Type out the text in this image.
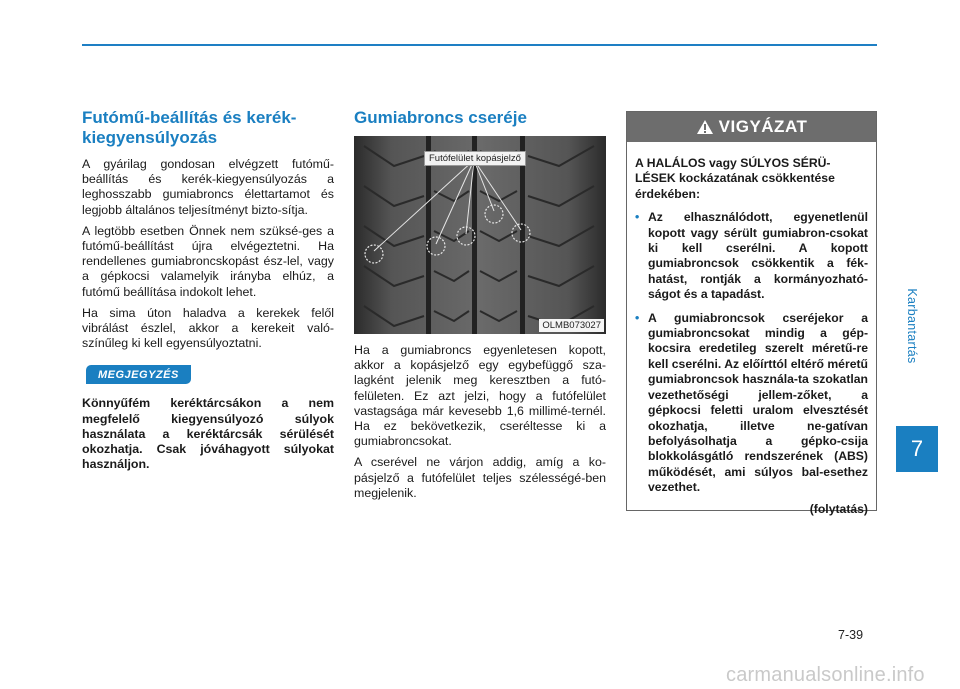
Futómű-beállítás és kerék-kiegyensúlyozás

A gyárilag gondosan elvégzett futómű-beállítás és kerék-kiegyensúlyozás a leghosszabb gumiabroncs élettartamot és legjobb általános teljesítményt bizto-sítja.

A legtöbb esetben Önnek nem szüksé-ges a futómű-beállítást újra elvégeztetni. Ha rendellenes gumiabroncskopást ész-lel, vagy a gépkocsi valamelyik irányba elhúz, a futómű beállítása indokolt lehet.

Ha sima úton haladva a kerekek felől vibrálást észlel, akkor a kerekeit való-színűleg ki kell egyensúlyoztatni.

MEGJEGYZÉS

Könnyűfém keréktárcsákon a nem megfelelő kiegyensúlyozó súlyok használata a keréktárcsák sérülését okozhatja. Csak jóváhagyott súlyokat használjon.

Gumiabroncs cseréje
Futófelület kopásjelző
OLMB073027

Ha a gumiabroncs egyenletesen kopott, akkor a kopásjelző egy egybefüggő sza-lagként jelenik meg keresztben a futó-felületen. Ez azt jelzi, hogy a futófelület vastagsága már kevesebb 1,6 millimé-ternél. Ha ez bekövetkezik, cseréltesse ki a gumiabroncsokat.

A cserével ne várjon addig, amíg a ko-pásjelző a futófelület teljes szélességé-ben megjelenik.

VIGYÁZAT

A HALÁLOS vagy SÚLYOS SÉRÜ-LÉSEK kockázatának csökkentése érdekében:

• Az elhasználódott, egyenetlenül kopott vagy sérült gumiabron-csokat ki kell cserélni. A kopott gumiabroncsok csökkentik a fék-hatást, rontják a kormányozható-ságot és a tapadást.
• A gumiabroncsok cseréjekor a gumiabroncsokat mindig a gép-kocsira eredetileg szerelt méretű-re kell cserélni. Az előírttól eltérő méretű gumiabroncsok használa-ta szokatlan vezethetőségi jellem-zőket, a gépkocsi feletti uralom elvesztését okozhatja, illetve ne-gatívan befolyásolhatja a gépko-csija blokkolásgátló rendszerének (ABS) működését, ami súlyos bal-esethez vezethet.

(folytatás)

Karbantartás
7
7-39
carmanualsonline.info
